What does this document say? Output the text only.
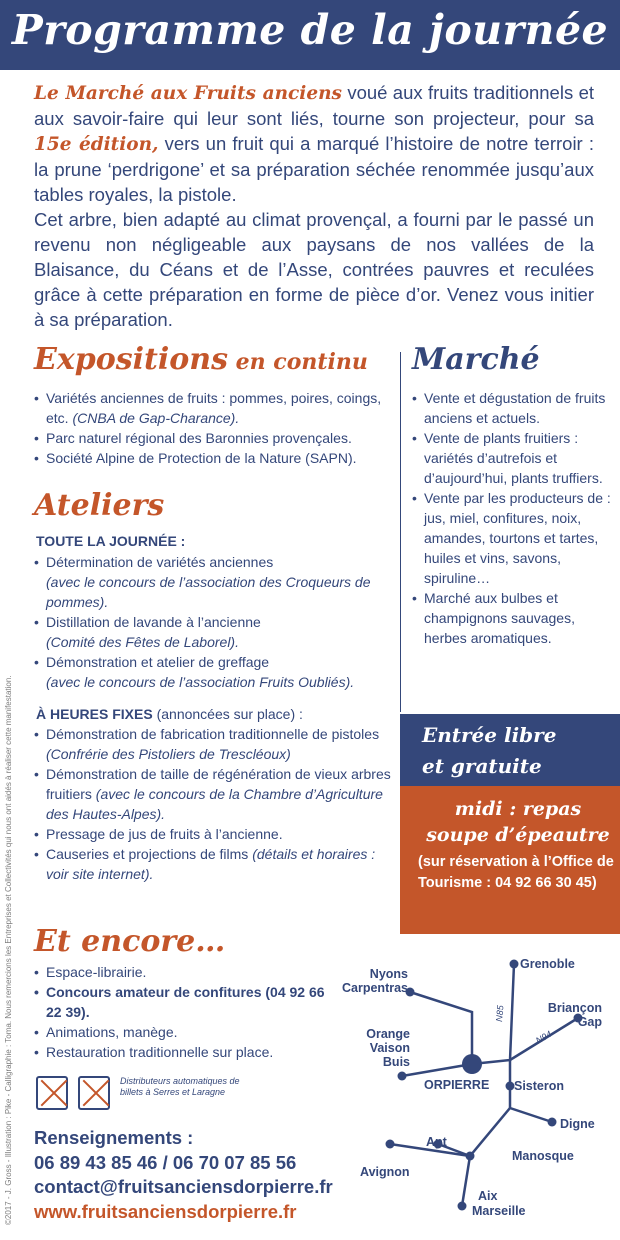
Programme de la journée
Le Marché aux Fruits anciens voué aux fruits traditionnels et aux savoir-faire qui leur sont liés, tourne son projecteur, pour sa 15e édition, vers un fruit qui a marqué l’histoire de notre terroir : la prune ‘perdrigone’ et sa préparation séchée renommée jusqu’aux tables royales, la pistole.
Cet arbre, bien adapté au climat provençal, a fourni par le passé un revenu non négligeable aux paysans de nos vallées de la Blaisance, du Céans et de l’Asse, contrées pauvres et reculées grâce à cette préparation en forme de pièce d’or. Venez vous initier à sa préparation.
Expositions en continu
• Variétés anciennes de fruits : pommes, poires, coings, etc. (CNBA de Gap-Charance).
• Parc naturel régional des Baronnies provençales.
• Société Alpine de Protection de la Nature (SAPN).
Marché
• Vente et dégustation de fruits anciens et actuels.
• Vente de plants fruitiers : variétés d’autrefois et d’aujourd’hui, plants truffiers.
• Vente par les producteurs de : jus, miel, confitures, noix, amandes, tourtons et tartes, huiles et vins, savons, spiruline…
• Marché aux bulbes et champignons sauvages, herbes aromatiques.
Ateliers
TOUTE LA JOURNÉE :
• Détermination de variétés anciennes
(avec le concours de l’association des Croqueurs de pommes).
• Distillation de lavande à l’ancienne
(Comité des Fêtes de Laborel).
• Démonstration et atelier de greffage
(avec le concours de l’association Fruits Oubliés).
À HEURES FIXES (annoncées sur place) :
• Démonstration de fabrication traditionnelle de pistoles (Confrérie des Pistoliers de Trescléoux)
• Démonstration de taille de régénération de vieux arbres fruitiers (avec le concours de la Chambre d’Agriculture des Hautes-Alpes).
• Pressage de jus de fruits à l’ancienne.
• Causeries et projections de films (détails et horaires : voir site internet).
Entrée libre
et gratuite
midi : repas
soupe d’épeautre
(sur réservation à l’Office de Tourisme : 04 92 66 30 45)
Et encore…
• Espace-librairie.
• Concours amateur de confitures (04 92 66 22 39).
• Animations, manège.
• Restauration traditionnelle sur place.
Distributeurs automatiques de billets à Serres et Laragne
Renseignements :
06 89 43 85 46 / 06 70 07 85 56
contact@fruitsanciensdorpierre.fr
www.fruitsanciensdorpierre.fr
Grenoble
Nyons
Carpentras
Briançon
Gap
Orange
Vaison
Buis
ORPIERRE Sisteron
Digne
Apt
Manosque
Avignon
Aix
Marseille
N85
N94
©2017 - J. Gross - Illustration : Pike - Calligraphie : Toma. Nous remercions les Entreprises et Collectivités qui nous ont aidés à réaliser cette manifestation.
